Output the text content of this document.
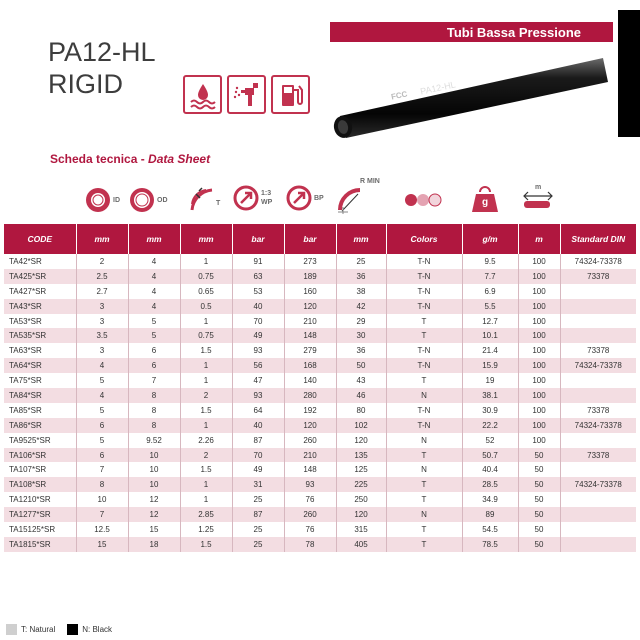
PA12-HL
RIGID	FCC PA12-HL
Tubi Bassa Pressione
Scheda tecnica - Data Sheet
ID	OD	T
1:3
WP
BP
R MIN
g
m
CODE	mm	mm	mm	bar	bar	mm	Colors	g/m	m	Standard DIN
TA42*SR	2	4	1	91	273	25	T-N	9.5	100	74324-73378
TA425*SR	2.5	4	0.75	63	189	36	T-N	7.7	100	73378
TA427*SR	2.7	4	0.65	53	160	38	T-N	6.9	100	
TA43*SR	3	4	0.5	40	120	42	T-N	5.5	100	
TA53*SR	3	5	1	70	210	29	T	12.7	100	
TA535*SR	3.5	5	0.75	49	148	30	T	10.1	100	
TA63*SR	3	6	1.5	93	279	36	T-N	21.4	100	73378
TA64*SR	4	6	1	56	168	50	T-N	15.9	100	74324-73378
TA75*SR	5	7	1	47	140	43	T	19	100	
TA84*SR	4	8	2	93	280	46	N	38.1	100	
TA85*SR	5	8	1.5	64	192	80	T-N	30.9	100	73378
TA86*SR	6	8	1	40	120	102	T-N	22.2	100	74324-73378
TA9525*SR	5	9.52	2.26	87	260	120	N	52	100	
TA106*SR	6	10	2	70	210	135	T	50.7	50	73378
TA107*SR	7	10	1.5	49	148	125	N	40.4	50	
TA108*SR	8	10	1	31	93	225	T	28.5	50	74324-73378
TA1210*SR	10	12	1	25	76	250	T	34.9	50	
TA1277*SR	7	12	2.85	87	260	120	N	89	50	
TA15125*SR	12.5	15	1.25	25	76	315	T	54.5	50	
TA1815*SR	15	18	1.5	25	78	405	T	78.5	50	
T: Natural	N: Black
